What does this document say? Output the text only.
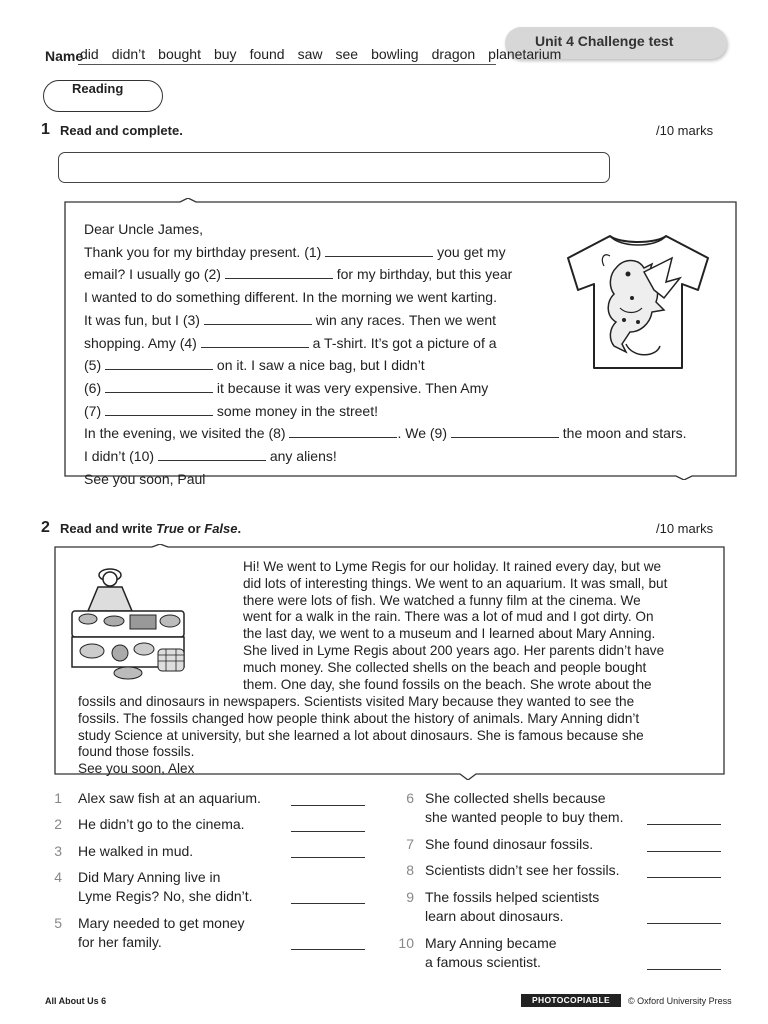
Unit 4 Challenge test
Name
did didn’t bought buy found saw see bowling dragon planetarium
Reading
1 Read and complete.	/10 marks
Dear Uncle James,
Thank you for my birthday present. (1)	you get my
email? I usually go (2)	for my birthday, but this year
I wanted to do something different. In the morning we went karting.
It was fun, but I (3)	win any races. Then we went
shopping. Amy (4)	a T-shirt. It’s got a picture of a
(5)	on it. I saw a nice bag, but I didn’t
(6)	it because it was very expensive. Then Amy
(7)	some money in the street!
In the evening, we visited the (8)	. We (9)	the moon and stars.
I didn’t (10)	any aliens!
See you soon, Paul
2 Read and write True or False.	/10 marks
Hi! We went to Lyme Regis for our holiday. It rained every day, but we
did lots of interesting things. We went to an aquarium. It was small, but
there were lots of fish. We watched a funny film at the cinema. We
went for a walk in the rain. There was a lot of mud and I got dirty. On
the last day, we went to a museum and I learned about Mary Anning.
She lived in Lyme Regis about 200 years ago. Her parents didn’t have
much money. She collected shells on the beach and people bought
them. One day, she found fossils on the beach. She wrote about the
fossils and dinosaurs in newspapers. Scientists visited Mary because they wanted to see the
fossils. The fossils changed how people think about the history of animals. Mary Anning didn’t
study Science at university, but she learned a lot about dinosaurs. She is famous because she
found those fossils.
See you soon, Alex
1 Alex saw fish at an aquarium.
2 He didn’t go to the cinema.
3 He walked in mud.
4 Did Mary Anning live in
Lyme Regis? No, she didn’t.
5 Mary needed to get money
for her family.
6 She collected shells because
she wanted people to buy them.
7 She found dinosaur fossils.
8 Scientists didn’t see her fossils.
9 The fossils helped scientists
learn about dinosaurs.
10 Mary Anning became
a famous scientist.
All About Us 6	PHOTOCOPIABLE	© Oxford University Press
